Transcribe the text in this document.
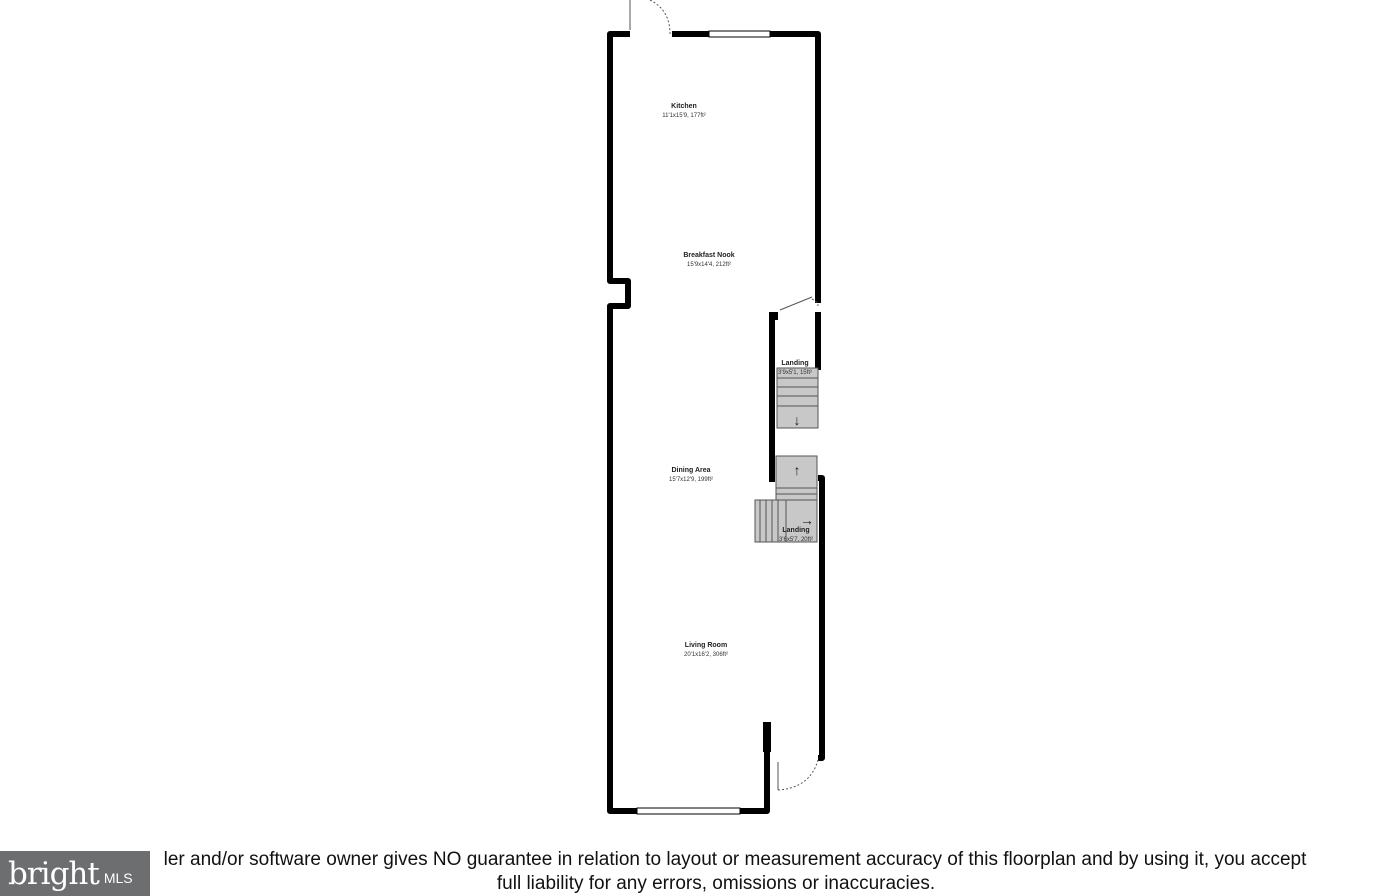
↓
↑
→
Kitchen
11'1x15'9, 177ft²
Breakfast Nook
15'9x14'4, 212ft²
Landing
3'9x5'1, 15ft²
Dining Area
15'7x12'9, 199ft²
Landing
3'6x5'7, 20ft²
Living Room
20'1x16'2, 306ft²
ler and/or software owner gives NO guarantee in relation to layout or measurement accuracy of this floorplan and by using it, you accept
full liability for any errors, omissions or inaccuracies.
bright MLS
